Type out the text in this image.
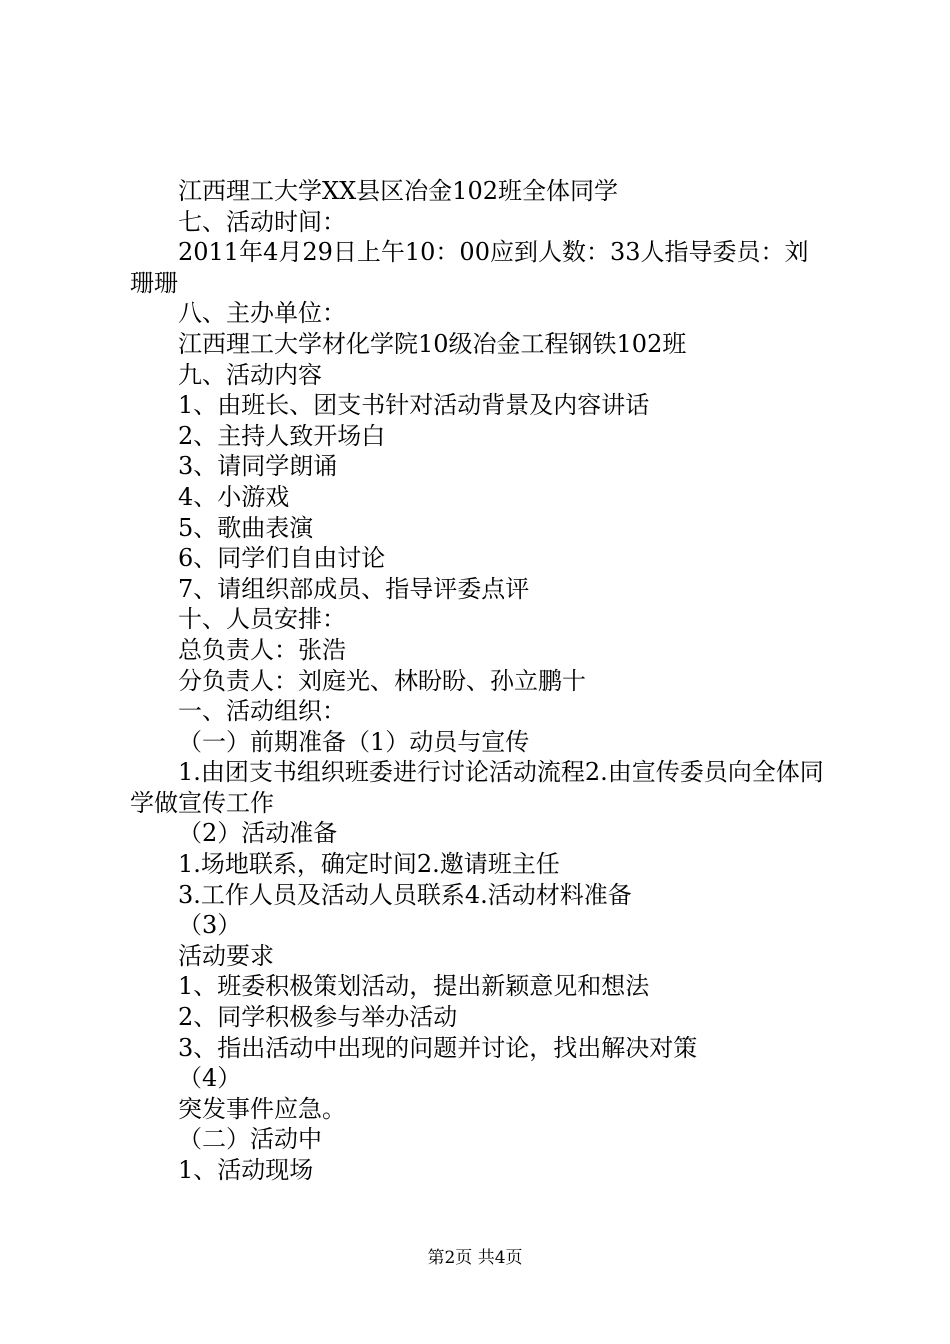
江西理工大学XX县区冶金102班全体同学
七、活动时间：
2011年4月29日上午10：00应到人数：33人指导委员：刘珊珊
八、主办单位：
江西理工大学材化学院10级冶金工程钢铁102班
九、活动内容
1、由班长、团支书针对活动背景及内容讲话
2、主持人致开场白
3、请同学朗诵
4、小游戏
5、歌曲表演
6、同学们自由讨论
7、请组织部成员、指导评委点评
十、人员安排：
总负责人：张浩
分负责人：刘庭光、林盼盼、孙立鹏十
一、活动组织：
（一）前期准备（1）动员与宣传
1.由团支书组织班委进行讨论活动流程2.由宣传委员向全体同学做宣传工作
（2）活动准备
1.场地联系，确定时间2.邀请班主任
3.工作人员及活动人员联系4.活动材料准备
（3）
活动要求
1、班委积极策划活动，提出新颖意见和想法
2、同学积极参与举办活动
3、指出活动中出现的问题并讨论，找出解决对策
（4）
突发事件应急。
（二）活动中
1、活动现场
第2页 共4页
